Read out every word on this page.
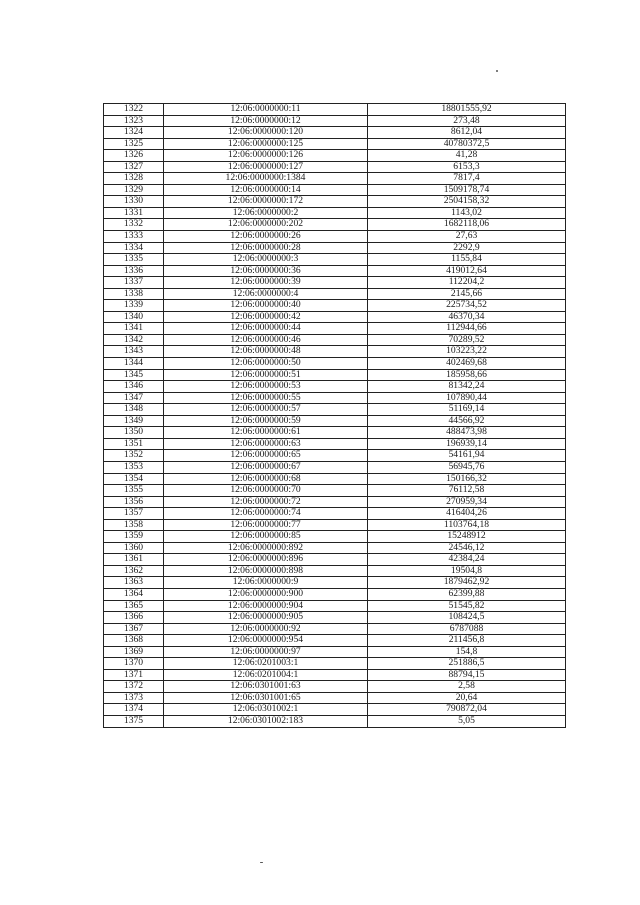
1322	12:06:0000000:11	18801555,92
1323	12:06:0000000:12	273,48
1324	12:06:0000000:120	8612,04
1325	12:06:0000000:125	40780372,5
1326	12:06:0000000:126	41,28
1327	12:06:0000000:127	6153,3
1328	12:06:0000000:1384	7817,4
1329	12:06:0000000:14	1509178,74
1330	12:06:0000000:172	2504158,32
1331	12:06:0000000:2	1143,02
1332	12:06:0000000:202	1682118,06
1333	12:06:0000000:26	27,63
1334	12:06:0000000:28	2292,9
1335	12:06:0000000:3	1155,84
1336	12:06:0000000:36	419012,64
1337	12:06:0000000:39	112204,2
1338	12:06:0000000:4	2145,66
1339	12:06:0000000:40	225734,52
1340	12:06:0000000:42	46370,34
1341	12:06:0000000:44	112944,66
1342	12:06:0000000:46	70289,52
1343	12:06:0000000:48	103223,22
1344	12:06:0000000:50	402469,68
1345	12:06:0000000:51	185958,66
1346	12:06:0000000:53	81342,24
1347	12:06:0000000:55	107890,44
1348	12:06:0000000:57	51169,14
1349	12:06:0000000:59	44566,92
1350	12:06:0000000:61	488473,98
1351	12:06:0000000:63	196939,14
1352	12:06:0000000:65	54161,94
1353	12:06:0000000:67	56945,76
1354	12:06:0000000:68	150166,32
1355	12:06:0000000:70	76112,58
1356	12:06:0000000:72	270959,34
1357	12:06:0000000:74	416404,26
1358	12:06:0000000:77	1103764,18
1359	12:06:0000000:85	15248912
1360	12:06:0000000:892	24546,12
1361	12:06:0000000:896	42384,24
1362	12:06:0000000:898	19504,8
1363	12:06:0000000:9	1879462,92
1364	12:06:0000000:900	62399,88
1365	12:06:0000000:904	51545,82
1366	12:06:0000000:905	108424,5
1367	12:06:0000000:92	6787088
1368	12:06:0000000:954	211456,8
1369	12:06:0000000:97	154,8
1370	12:06:0201003:1	251886,5
1371	12:06:0201004:1	88794,15
1372	12:06:0301001:63	2,58
1373	12:06:0301001:65	20,64
1374	12:06:0301002:1	790872,04
1375	12:06:0301002:183	5,05
